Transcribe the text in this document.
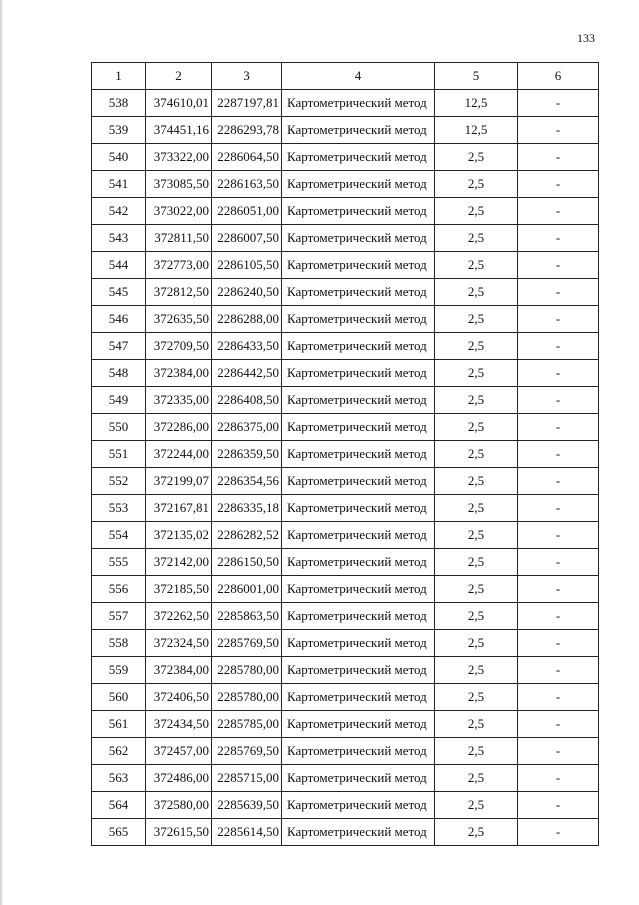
133
1	2	3	4	5	6
538	374610,01	2287197,81	Картометрический метод	12,5	-
539	374451,16	2286293,78	Картометрический метод	12,5	-
540	373322,00	2286064,50	Картометрический метод	2,5	-
541	373085,50	2286163,50	Картометрический метод	2,5	-
542	373022,00	2286051,00	Картометрический метод	2,5	-
543	372811,50	2286007,50	Картометрический метод	2,5	-
544	372773,00	2286105,50	Картометрический метод	2,5	-
545	372812,50	2286240,50	Картометрический метод	2,5	-
546	372635,50	2286288,00	Картометрический метод	2,5	-
547	372709,50	2286433,50	Картометрический метод	2,5	-
548	372384,00	2286442,50	Картометрический метод	2,5	-
549	372335,00	2286408,50	Картометрический метод	2,5	-
550	372286,00	2286375,00	Картометрический метод	2,5	-
551	372244,00	2286359,50	Картометрический метод	2,5	-
552	372199,07	2286354,56	Картометрический метод	2,5	-
553	372167,81	2286335,18	Картометрический метод	2,5	-
554	372135,02	2286282,52	Картометрический метод	2,5	-
555	372142,00	2286150,50	Картометрический метод	2,5	-
556	372185,50	2286001,00	Картометрический метод	2,5	-
557	372262,50	2285863,50	Картометрический метод	2,5	-
558	372324,50	2285769,50	Картометрический метод	2,5	-
559	372384,00	2285780,00	Картометрический метод	2,5	-
560	372406,50	2285780,00	Картометрический метод	2,5	-
561	372434,50	2285785,00	Картометрический метод	2,5	-
562	372457,00	2285769,50	Картометрический метод	2,5	-
563	372486,00	2285715,00	Картометрический метод	2,5	-
564	372580,00	2285639,50	Картометрический метод	2,5	-
565	372615,50	2285614,50	Картометрический метод	2,5	-
